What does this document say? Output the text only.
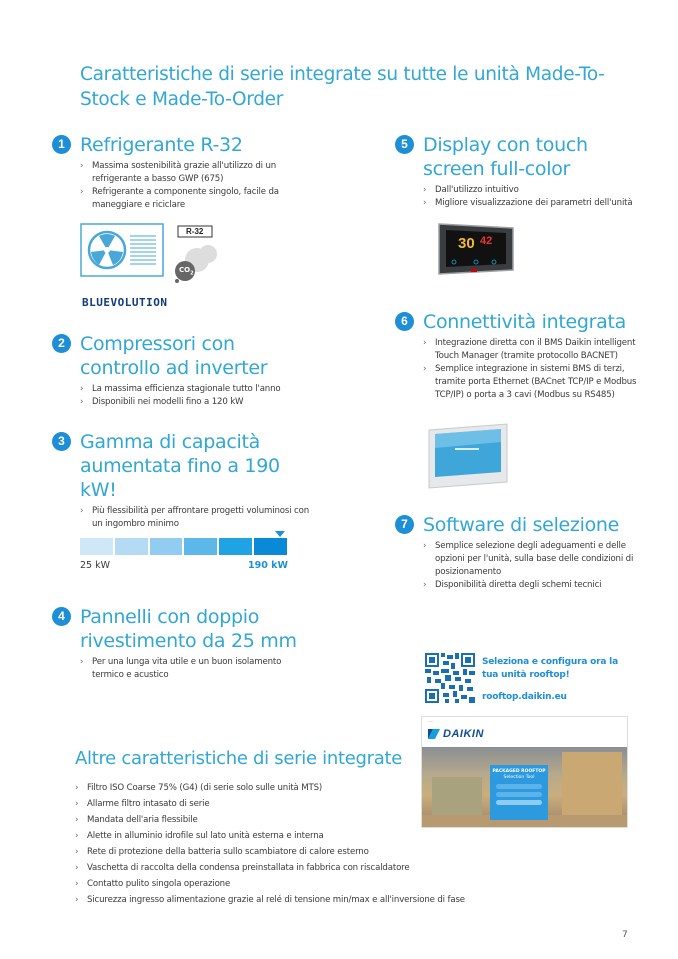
Caratteristiche di serie integrate su tutte le unità Made-To-Stock e Made-To-Order
1 Refrigerante R-32
› Massima sostenibilità grazie all'utilizzo di un refrigerante a basso GWP (675)
› Refrigerante a componente singolo, facile da maneggiare e riciclare
R-32
$CO_2$
BLUEVOLUTION
2 Compressori con controllo ad inverter
› La massima efficienza stagionale tutto l'anno
› Disponibili nei modelli fino a 120 kW
3 Gamma di capacità aumentata fino a 190 kW!
› Più flessibilità per affrontare progetti voluminosi con un ingombro minimo
25 kW	190 kW
4 Pannelli con doppio rivestimento da 25 mm
› Per una lunga vita utile e un buon isolamento termico e acustico
5 Display con touch screen full-color
› Dall'utilizzo intuitivo
› Migliore visualizzazione dei parametri dell'unità
30 42
6 Connettività integrata
› Integrazione diretta con il BMS Daikin intelligent Touch Manager (tramite protocollo BACNET)
› Semplice integrazione in sistemi BMS di terzi, tramite porta Ethernet (BACnet TCP/IP e Modbus TCP/IP) o porta a 3 cavi (Modbus su RS485)
7 Software di selezione
› Semplice selezione degli adeguamenti e delle opzioni per l'unità, sulla base delle condizioni di posizionamento
› Disponibilità diretta degli schemi tecnici
Seleziona e configura ora la tua unità rooftop!
rooftop.daikin.eu
·····
DAIKIN
PACKAGED ROOFTOP
Selection Tool
Altre caratteristiche di serie integrate
› Filtro ISO Coarse 75% (G4) (di serie solo sulle unità MTS)
› Allarme filtro intasato di serie
› Mandata dell'aria flessibile
› Alette in alluminio idrofile sul lato unità esterna e interna
› Rete di protezione della batteria sullo scambiatore di calore esterno
› Vaschetta di raccolta della condensa preinstallata in fabbrica con riscaldatore
› Contatto pulito singola operazione
› Sicurezza ingresso alimentazione grazie al relé di tensione min/max e all'inversione di fase
7
